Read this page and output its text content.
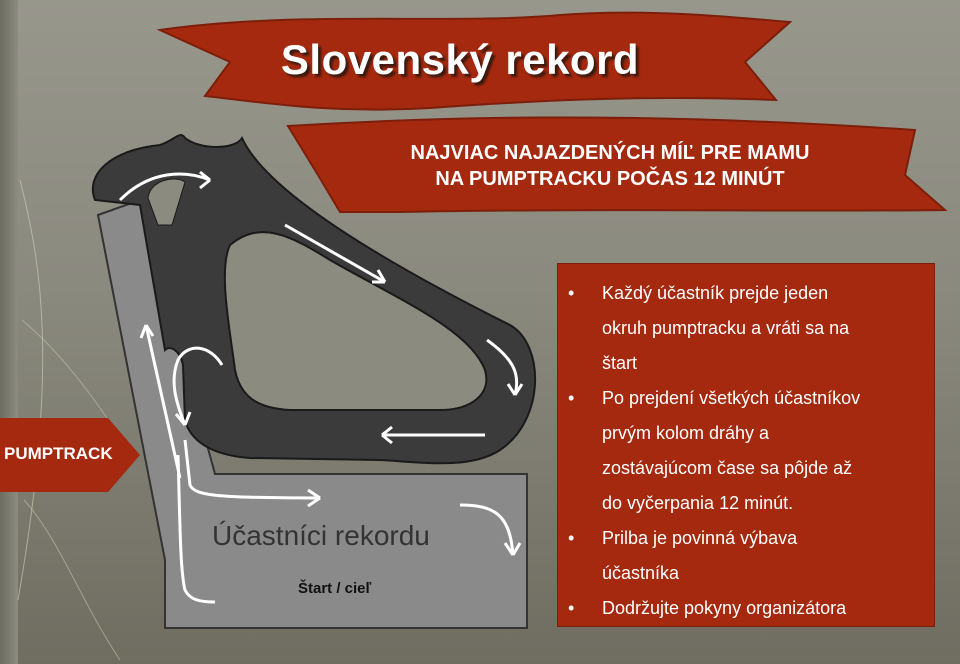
Slovenský rekord
NAJVIAC NAJAZDENÝCH MÍĽ PRE MAMU
NA PUMPTRACKU POČAS 12 MINÚT
PUMPTRACK
Účastníci rekordu
Štart / cieľ
• Každý účastník prejde jeden
okruh pumptracku a vráti sa na
štart
• Po prejdení všetkých účastníkov
prvým kolom dráhy a
zostávajúcom čase sa pôjde až
do vyčerpania 12 minút.
• Prilba je povinná výbava
účastníka
• Dodržujte pokyny organizátora
